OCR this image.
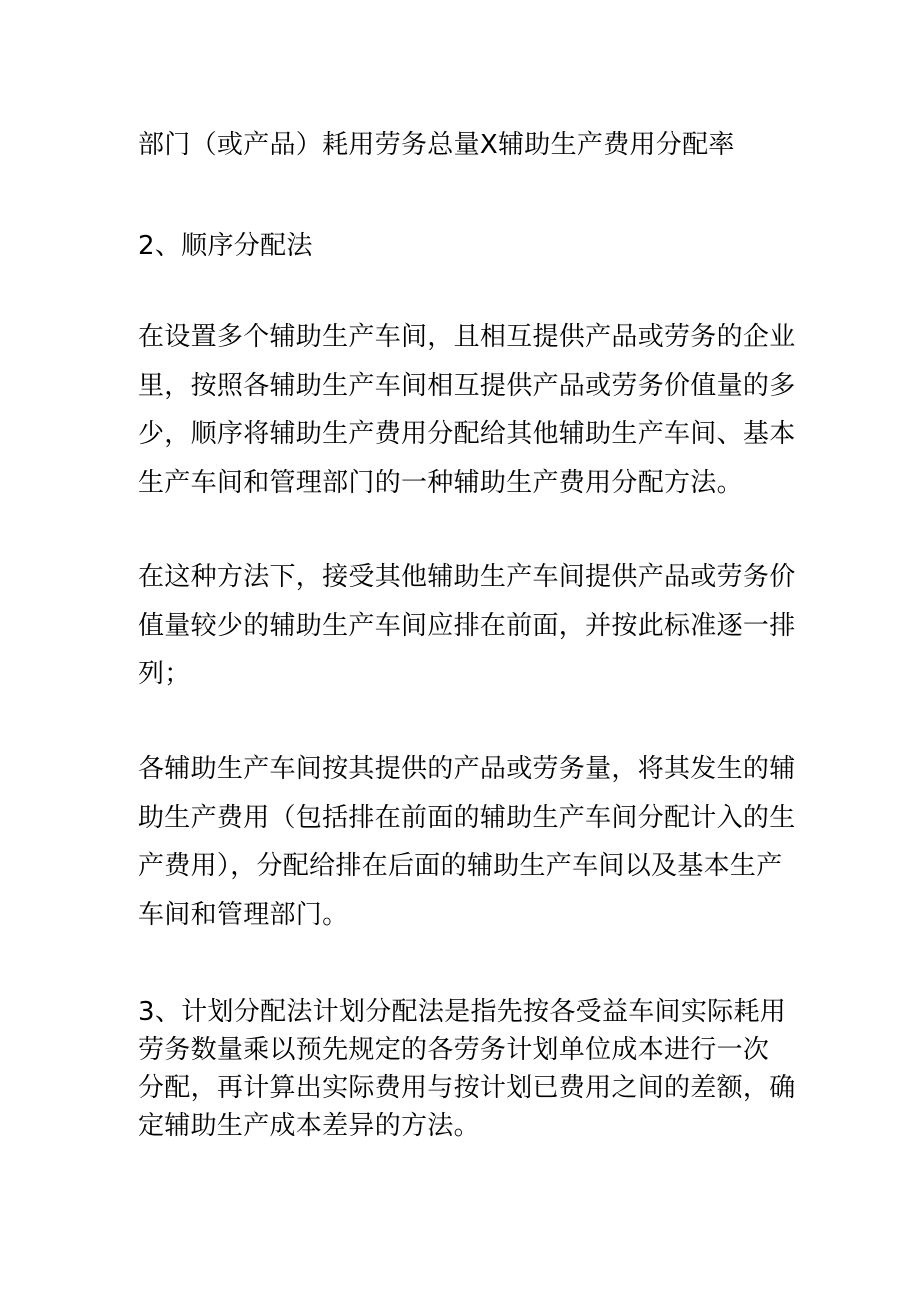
部门（或产品）耗用劳务总量X辅助生产费用分配率
2、顺序分配法
在设置多个辅助生产车间，且相互提供产品或劳务的企业
里，按照各辅助生产车间相互提供产品或劳务价值量的多
少，顺序将辅助生产费用分配给其他辅助生产车间、基本
生产车间和管理部门的一种辅助生产费用分配方法。
在这种方法下，接受其他辅助生产车间提供产品或劳务价
值量较少的辅助生产车间应排在前面，并按此标准逐一排
列；
各辅助生产车间按其提供的产品或劳务量，将其发生的辅
助生产费用（包括排在前面的辅助生产车间分配计入的生
产费用），分配给排在后面的辅助生产车间以及基本生产
车间和管理部门。
3、计划分配法计划分配法是指先按各受益车间实际耗用
劳务数量乘以预先规定的各劳务计划单位成本进行一次
分配，再计算出实际费用与按计划已费用之间的差额，确
定辅助生产成本差异的方法。
